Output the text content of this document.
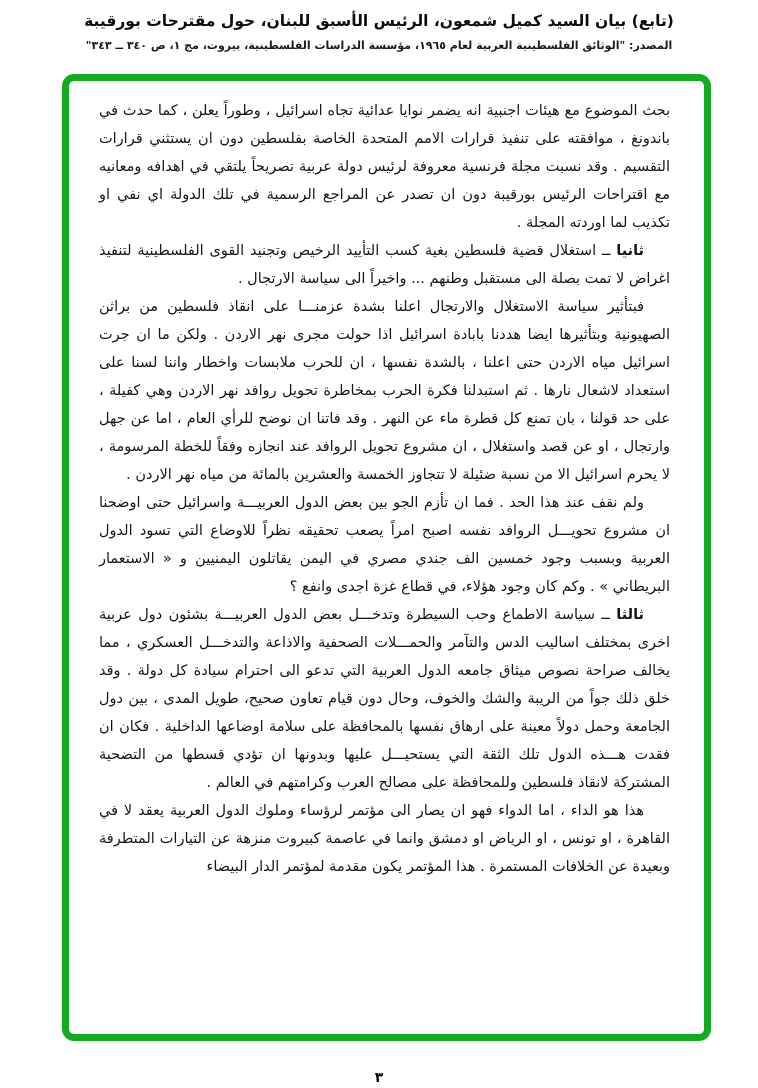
(تابع) بيان السيد كميل شمعون، الرئيس الأسبق للبنان، حول مقترحات بورقيبة
المصدر: "الوثائق الفلسطينية العربية لعام ١٩٦٥، مؤسسة الدراسات الفلسطينية، بيروت، مج ١، ص ٣٤٠ ــ ٣٤٣"

بحث الموضوع مع هيئات اجنبية انه يضمر نوايا عدائية تجاه اسرائيل ، وطوراً يعلن ، كما حدث في باندونغ ، موافقته على تنفيذ قرارات الامم المتحدة الخاصة بفلسطين دون ان يستثني قرارات التقسيم . وقد نسبت مجلة فرنسية معروفة لرئيس دولة عربية تصريحاً يلتقي في اهدافه ومعانيه مع اقتراحات الرئيس بورقيبة دون ان تصدر عن المراجع الرسمية في تلك الدولة اي نفي او تكذيب لما اوردته المجلة .

ثانيا ــ استغلال قضية فلسطين بغية كسب التأييد الرخيص وتجنيد القوى الفلسطينية لتنفيذ اغراض لا تمت بصلة الى مستقبل وطنهم ... واخيراً الى سياسة الارتجال .

فبتأثير سياسة الاستغلال والارتجال اعلنا بشدة عزمنـــا على انقاذ فلسطين من براثن الصهيونية وبتأثيرها ايضا هددنا بابادة اسرائيل اذا حولت مجرى نهر الاردن . ولكن ما ان جرت اسرائيل مياه الاردن حتى اعلنا ، بالشدة نفسها ، ان للحرب ملابسات واخطار واننا لسنا على استعداد لاشعال نارها . ثم استبدلنا فكرة الحرب بمخاطرة تحويل روافد نهر الاردن وهي كفيلة ، على حد قولنا ، بان تمنع كل قطرة ماء عن النهر . وقد فاتنا ان نوضح للرأي العام ، اما عن جهل وارتجال ، او عن قصد واستغلال ، ان مشروع تحويل الروافد عند انجازه وفقاً للخطة المرسومة ، لا يحرم اسرائيل الا من نسبة ضئيلة لا تتجاوز الخمسة والعشرين بالمائة من مياه نهر الاردن .

ولم نقف عند هذا الحد . فما ان تأزم الجو بين بعض الدول العربيـــة واسرائيل حتى اوضحنا ان مشروع تحويـــل الروافد نفسه اصبح امراً يصعب تحقيقه نظراً للاوضاع التي تسود الدول العربية وبسبب وجود خمسين الف جندي مصري في اليمن يقاتلون اليمنيين و « الاستعمار البريطاني » . وكم كان وجود هؤلاء، في قطاع غزة اجدى وانفع ؟

ثالثا ــ سياسة الاطماع وحب السيطرة وتدخـــل بعض الدول العربيـــة بشئون دول عربية اخرى بمختلف اساليب الدس والتآمر والحمـــلات الصحفية والاذاعة والتدخـــل العسكري ، مما يخالف صراحة نصوص ميثاق جامعه الدول العربية التي تدعو الى احترام سيادة كل دولة . وقد خلق ذلك جواً من الريبة والشك والخوف، وحال دون قيام تعاون صحيح، طويل المدى ، بين دول الجامعة وحمل دولاً معينة على ارهاق نفسها بالمحافظة على سلامة اوضاعها الداخلية . فكان ان فقدت هـــذه الدول تلك الثقة التي يستحيـــل عليها وبدونها ان تؤدي قسطها من التضحية المشتركة لانقاذ فلسطين وللمحافظة على مصالح العرب وكرامتهم في العالم .

هذا هو الداء ، اما الدواء فهو ان يصار الى مؤتمر لرؤساء وملوك الدول العربية يعقد لا في القاهرة ، او تونس ، او الرياض او دمشق وانما في عاصمة كبيروت منزهة عن التيارات المتطرفة وبعيدة عن الخلافات المستمرة . هذا المؤتمر يكون مقدمة لمؤتمر الدار البيضاء

٣
